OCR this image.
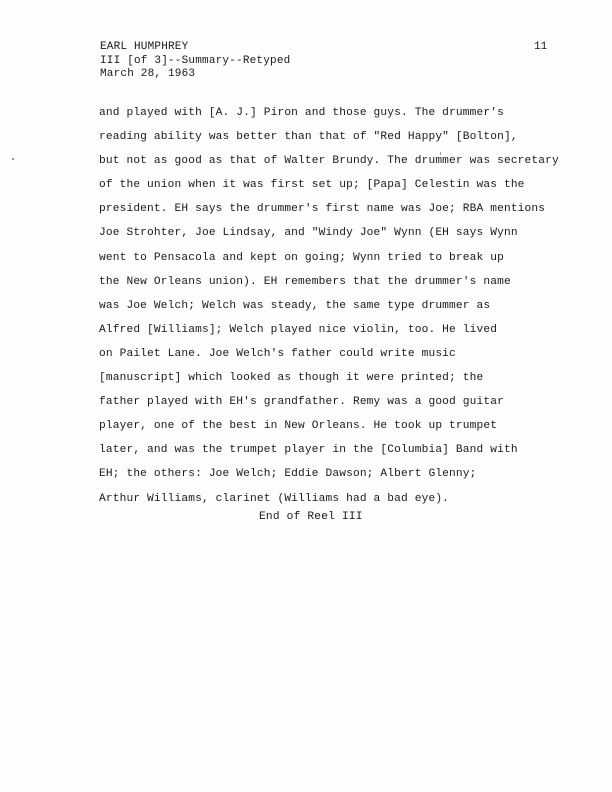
EARL HUMPHREY
III [of 3]--Summary--Retyped
March 28, 1963
11
and played with [A. J.] Piron and those guys. The drummer's
reading ability was better than that of "Red Happy" [Bolton],
but not as good as that of Walter Brundy. The drummer was secretary
of the union when it was first set up; [Papa] Celestin was the
president. EH says the drummer's first name was Joe; RBA mentions
Joe Strohter, Joe Lindsay, and "Windy Joe" Wynn (EH says Wynn
went to Pensacola and kept on going; Wynn tried to break up
the New Orleans union). EH remembers that the drummer's name
was Joe Welch; Welch was steady, the same type drummer as
Alfred [Williams]; Welch played nice violin, too. He lived
on Pailet Lane. Joe Welch's father could write music
[manuscript] which looked as though it were printed; the
father played with EH's grandfather. Remy was a good guitar
player, one of the best in New Orleans. He took up trumpet
later, and was the trumpet player in the [Columbia] Band with
EH; the others: Joe Welch; Eddie Dawson; Albert Glenny;
Arthur Williams, clarinet (Williams had a bad eye).
End of Reel III
